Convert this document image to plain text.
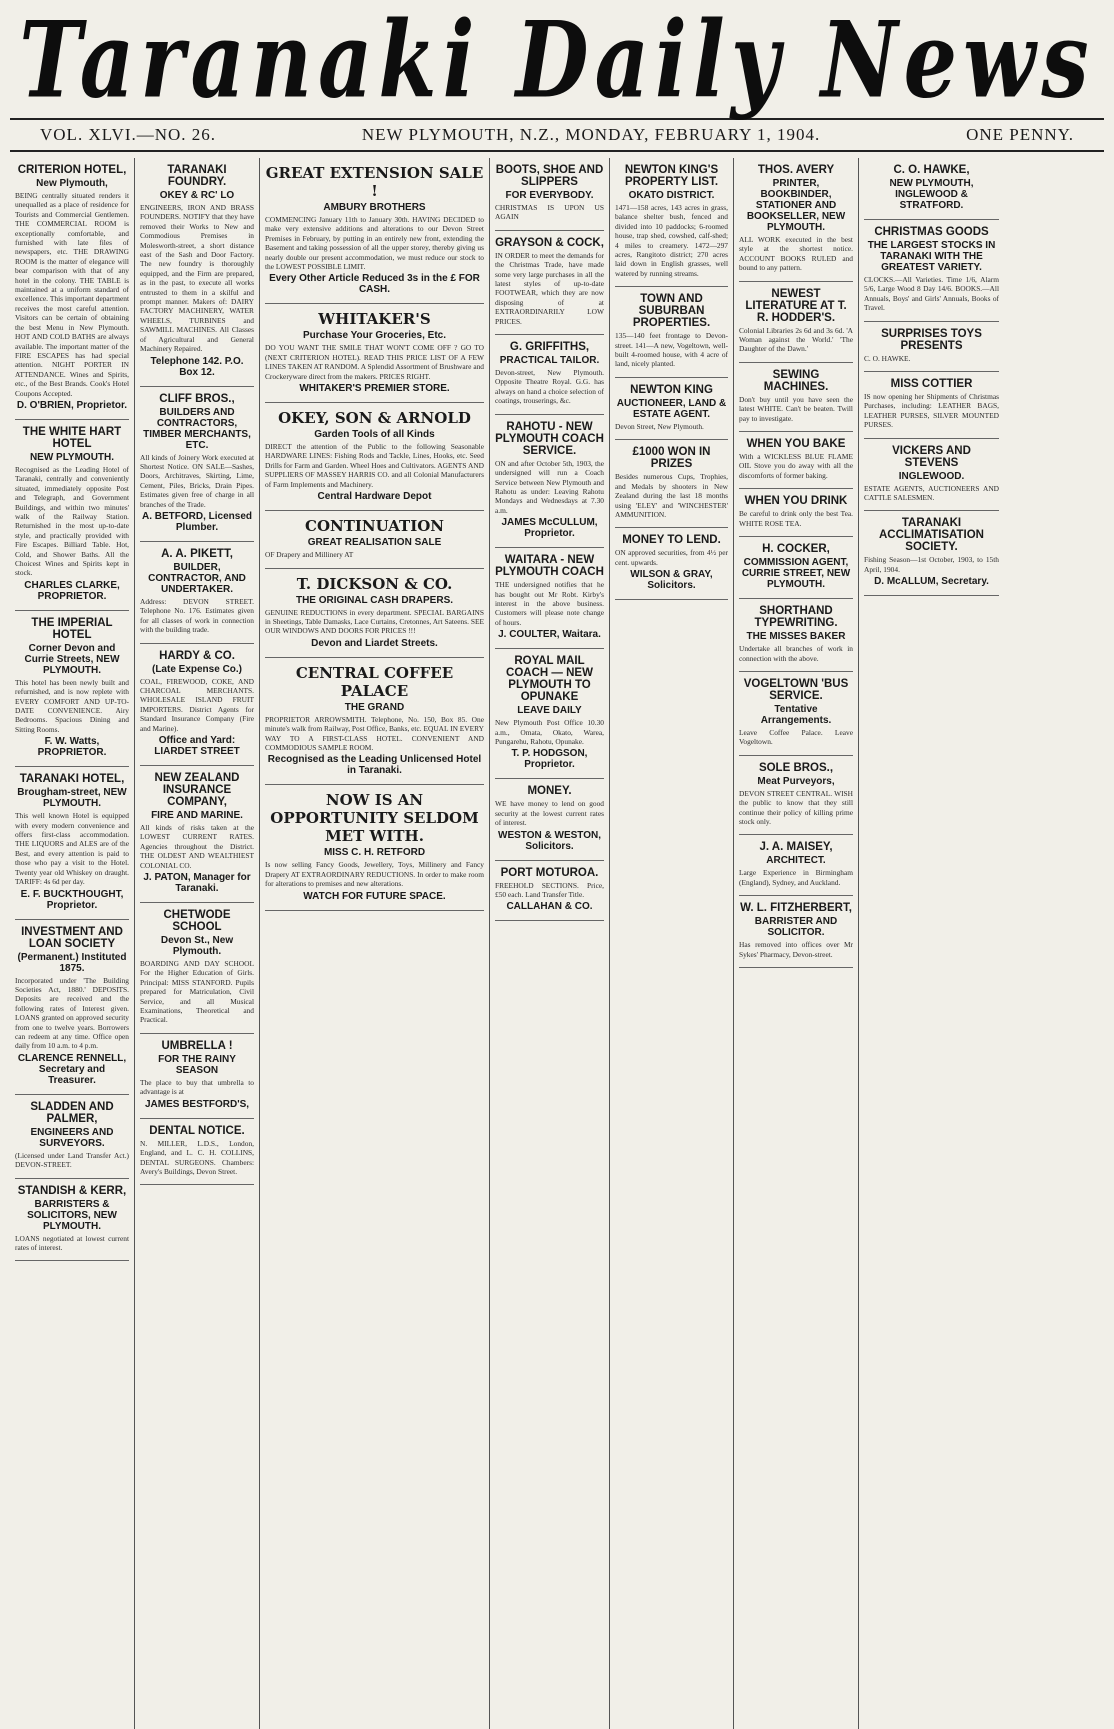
Taranaki Daily News
VOL. XLVI.—NO. 26.	NEW PLYMOUTH, N.Z., MONDAY, FEBRUARY 1, 1904.	ONE PENNY.
CRITERION HOTEL,
New Plymouth,
BEING centrally situated renders it unequalled as a place of residence for Tourists and Commercial Gentlemen. THE COMMERCIAL ROOM is exceptionally comfortable, and furnished with late files of newspapers, etc. THE DRAWING ROOM is the matter of elegance will bear comparison with that of any hotel in the colony. THE TABLE is maintained at a uniform standard of excellence. This important department receives the most careful attention. Visitors can be certain of obtaining the best Menu in New Plymouth. HOT AND COLD BATHS are always available. The important matter of the FIRE ESCAPES has had special attention. NIGHT PORTER IN ATTENDANCE. Wines and Spirits, etc., of the Best Brands. Cook's Hotel Coupons Accepted.
D. O'BRIEN, Proprietor.
THE WHITE HART HOTEL
NEW PLYMOUTH.
Recognised as the Leading Hotel of Taranaki, centrally and conveniently situated, immediately opposite Post and Telegraph, and Government Buildings, and within two minutes' walk of the Railway Station. Returnished in the most up-to-date style, and practically provided with Fire Escapes. Billiard Table. Hot, Cold, and Shower Baths. All the Choicest Wines and Spirits kept in stock.
CHARLES CLARKE, PROPRIETOR.
THE IMPERIAL HOTEL
Corner Devon and Currie Streets, NEW PLYMOUTH.
This hotel has been newly built and refurnished, and is now replete with EVERY COMFORT AND UP-TO-DATE CONVENIENCE. Airy Bedrooms. Spacious Dining and Sitting Rooms.
F. W. Watts, PROPRIETOR.
TARANAKI HOTEL,
Brougham-street, NEW PLYMOUTH.
This well known Hotel is equipped with every modern convenience and offers first-class accommodation. THE LIQUORS and ALES are of the Best, and every attention is paid to those who pay a visit to the Hotel. Twenty year old Whiskey on draught. TARIFF: 4s 6d per day.
E. F. BUCKTHOUGHT, Proprietor.
INVESTMENT AND LOAN SOCIETY
(Permanent.) Instituted 1875.
Incorporated under 'The Building Societies Act, 1880.' DEPOSITS. Deposits are received and the following rates of Interest given. LOANS granted on approved security from one to twelve years. Borrowers can redeem at any time. Office open daily from 10 a.m. to 4 p.m.
CLARENCE RENNELL, Secretary and Treasurer.
SLADDEN AND PALMER,
ENGINEERS AND SURVEYORS.
(Licensed under Land Transfer Act.) DEVON-STREET.
STANDISH & KERR,
BARRISTERS & SOLICITORS, NEW PLYMOUTH.
LOANS negotiated at lowest current rates of interest.
TARANAKI FOUNDRY.
OKEY & RC' LO
ENGINEERS, IRON AND BRASS FOUNDERS. NOTIFY that they have removed their Works to New and Commodious Premises in Molesworth-street, a short distance east of the Sash and Door Factory. The new foundry is thoroughly equipped, and the Firm are prepared, as in the past, to execute all works entrusted to them in a skilful and prompt manner. Makers of: DAIRY FACTORY MACHINERY, WATER WHEELS, TURBINES and SAWMILL MACHINES. All Classes of Agricultural and General Machinery Repaired.
Telephone 142. P.O. Box 12.
CLIFF BROS.,
BUILDERS AND CONTRACTORS, TIMBER MERCHANTS, ETC.
All kinds of Joinery Work executed at Shortest Notice. ON SALE—Sashes, Doors, Architraves, Skirting, Lime, Cement, Piles, Bricks, Drain Pipes. Estimates given free of charge in all branches of the Trade.
A. BETFORD, Licensed Plumber.
A. A. PIKETT,
BUILDER, CONTRACTOR, AND UNDERTAKER.
Address: DEVON STREET. Telephone No. 176. Estimates given for all classes of work in connection with the building trade.
HARDY & CO.
(Late Expense Co.)
COAL, FIREWOOD, COKE, AND CHARCOAL MERCHANTS. WHOLESALE ISLAND FRUIT IMPORTERS. District Agents for Standard Insurance Company (Fire and Marine).
Office and Yard: LIARDET STREET
NEW ZEALAND INSURANCE COMPANY,
FIRE AND MARINE.
All kinds of risks taken at the LOWEST CURRENT RATES. Agencies throughout the District. THE OLDEST AND WEALTHIEST COLONIAL CO.
J. PATON, Manager for Taranaki.
CHETWODE SCHOOL
Devon St., New Plymouth.
BOARDING AND DAY SCHOOL For the Higher Education of Girls. Principal: MISS STANFORD. Pupils prepared for Matriculation, Civil Service, and all Musical Examinations, Theoretical and Practical.
UMBRELLA !
FOR THE RAINY SEASON
The place to buy that umbrella to advantage is at
JAMES BESTFORD'S,
DENTAL NOTICE.
N. MILLER, L.D.S., London, England, and L. C. H. COLLINS, DENTAL SURGEONS. Chambers: Avery's Buildings, Devon Street.
GREAT EXTENSION SALE !
AMBURY BROTHERS
COMMENCING January 11th to January 30th. HAVING DECIDED to make very extensive additions and alterations to our Devon Street Premises in February, by putting in an entirely new front, extending the Basement and taking possession of all the upper storey, thereby giving us nearly double our present accommodation, we must reduce our stock to the LOWEST POSSIBLE LIMIT.
Every Other Article Reduced 3s in the £ FOR CASH.
WHITAKER'S
Purchase Your Groceries, Etc.
DO YOU WANT THE SMILE THAT WON'T COME OFF ? GO TO (NEXT CRITERION HOTEL). READ THIS PRICE LIST OF A FEW LINES TAKEN AT RANDOM. A Splendid Assortment of Brushware and Crockeryware direct from the makers. PRICES RIGHT.
WHITAKER'S PREMIER STORE.
OKEY, SON & ARNOLD
Garden Tools of all Kinds
DIRECT the attention of the Public to the following Seasonable HARDWARE LINES: Fishing Rods and Tackle, Lines, Hooks, etc. Seed Drills for Farm and Garden. Wheel Hoes and Cultivators. AGENTS AND SUPPLIERS OF MASSEY HARRIS CO. and all Colonial Manufacturers of Farm Implements and Machinery.
Central Hardware Depot
CONTINUATION
GREAT REALISATION SALE
OF Drapery and Millinery AT
T. DICKSON & CO.
THE ORIGINAL CASH DRAPERS.
GENUINE REDUCTIONS in every department. SPECIAL BARGAINS in Sheetings, Table Damasks, Lace Curtains, Cretonnes, Art Sateens. SEE OUR WINDOWS AND DOORS FOR PRICES !!!
Devon and Liardet Streets.
CENTRAL COFFEE PALACE
THE GRAND
PROPRIETOR ARROWSMITH. Telephone, No. 150, Box 85. One minute's walk from Railway, Post Office, Banks, etc. EQUAL IN EVERY WAY TO A FIRST-CLASS HOTEL. CONVENIENT AND COMMODIOUS SAMPLE ROOM.
Recognised as the Leading Unlicensed Hotel in Taranaki.
NOW IS AN OPPORTUNITY SELDOM MET WITH.
MISS C. H. RETFORD
Is now selling Fancy Goods, Jewellery, Toys, Millinery and Fancy Drapery AT EXTRAORDINARY REDUCTIONS. In order to make room for alterations to premises and new alterations.
WATCH FOR FUTURE SPACE.
BOOTS, SHOE AND SLIPPERS
FOR EVERYBODY.
CHRISTMAS IS UPON US AGAIN
GRAYSON & COCK,
IN ORDER to meet the demands for the Christmas Trade, have made some very large purchases in all the latest styles of up-to-date FOOTWEAR, which they are now disposing of at EXTRAORDINARILY LOW PRICES.
G. GRIFFITHS,
PRACTICAL TAILOR.
Devon-street, New Plymouth. Opposite Theatre Royal. G.G. has always on hand a choice selection of coatings, trouserings, &c.
RAHOTU - NEW PLYMOUTH COACH SERVICE.
ON and after October 5th, 1903, the undersigned will run a Coach Service between New Plymouth and Rahotu as under: Leaving Rahotu Mondays and Wednesdays at 7.30 a.m.
JAMES McCULLUM, Proprietor.
WAITARA - NEW PLYMOUTH COACH
THE undersigned notifies that he has bought out Mr Robt. Kirby's interest in the above business. Customers will please note change of hours.
J. COULTER, Waitara.
ROYAL MAIL COACH — NEW PLYMOUTH TO OPUNAKE
LEAVE DAILY
New Plymouth Post Office 10.30 a.m., Omata, Okato, Warea, Pungarehu, Rahotu, Opunake.
T. P. HODGSON, Proprietor.
MONEY.
WE have money to lend on good security at the lowest current rates of interest.
WESTON & WESTON, Solicitors.
PORT MOTUROA.
FREEHOLD SECTIONS. Price, £50 each. Land Transfer Title.
CALLAHAN & CO.
NEWTON KING'S PROPERTY LIST.
OKATO DISTRICT.
1471—158 acres, 143 acres in grass, balance shelter bush, fenced and divided into 10 paddocks; 6-roomed house, trap shed, cowshed, calf-shed; 4 miles to creamery. 1472—297 acres, Rangitoto district; 270 acres laid down in English grasses, well watered by running streams.
TOWN AND SUBURBAN PROPERTIES.
135—140 feet frontage to Devon-street. 141—A new, Vogeltown, well-built 4-roomed house, with 4 acre of land, nicely planted.
NEWTON KING
AUCTIONEER, LAND & ESTATE AGENT.
Devon Street, New Plymouth.
£1000 WON IN PRIZES
Besides numerous Cups, Trophies, and Medals by shooters in New Zealand during the last 18 months using 'ELEY' and 'WINCHESTER' AMMUNITION.
MONEY TO LEND.
ON approved securities, from 4½ per cent. upwards.
WILSON & GRAY, Solicitors.
THOS. AVERY
PRINTER, BOOKBINDER, STATIONER AND BOOKSELLER, NEW PLYMOUTH.
ALL WORK executed in the best style at the shortest notice. ACCOUNT BOOKS RULED and bound to any pattern.
NEWEST LITERATURE AT T. R. HODDER'S.
Colonial Libraries 2s 6d and 3s 6d. 'A Woman against the World.' 'The Daughter of the Dawn.'
SEWING MACHINES.
Don't buy until you have seen the latest WHITE. Can't be beaten. Twill pay to investigate.
WHEN YOU BAKE
With a WICKLESS BLUE FLAME OIL Stove you do away with all the discomforts of former baking.
WHEN YOU DRINK
Be careful to drink only the best Tea. WHITE ROSE TEA.
H. COCKER,
COMMISSION AGENT, CURRIE STREET, NEW PLYMOUTH.
SHORTHAND TYPEWRITING.
THE MISSES BAKER
Undertake all branches of work in connection with the above.
VOGELTOWN 'BUS SERVICE.
Tentative Arrangements.
Leave Coffee Palace. Leave Vogeltown.
SOLE BROS.,
Meat Purveyors,
DEVON STREET CENTRAL. WISH the public to know that they still continue their policy of killing prime stock only.
J. A. MAISEY,
ARCHITECT.
Large Experience in Birmingham (England), Sydney, and Auckland.
W. L. FITZHERBERT,
BARRISTER AND SOLICITOR.
Has removed into offices over Mr Sykes' Pharmacy, Devon-street.
C. O. HAWKE,
NEW PLYMOUTH, INGLEWOOD & STRATFORD.
CHRISTMAS GOODS
THE LARGEST STOCKS IN TARANAKI WITH THE GREATEST VARIETY.
CLOCKS.—All Varieties. Time 1/6, Alarm 5/6, Large Wood 8 Day 14/6. BOOKS.—All Annuals, Boys' and Girls' Annuals, Books of Travel.
SURPRISES TOYS PRESENTS
C. O. HAWKE.
MISS COTTIER
IS now opening her Shipments of Christmas Purchases, including: LEATHER BAGS, LEATHER PURSES, SILVER MOUNTED PURSES.
VICKERS AND STEVENS
INGLEWOOD.
ESTATE AGENTS, AUCTIONEERS AND CATTLE SALESMEN.
TARANAKI ACCLIMATISATION SOCIETY.
Fishing Season—1st October, 1903, to 15th April, 1904.
D. McALLUM, Secretary.
